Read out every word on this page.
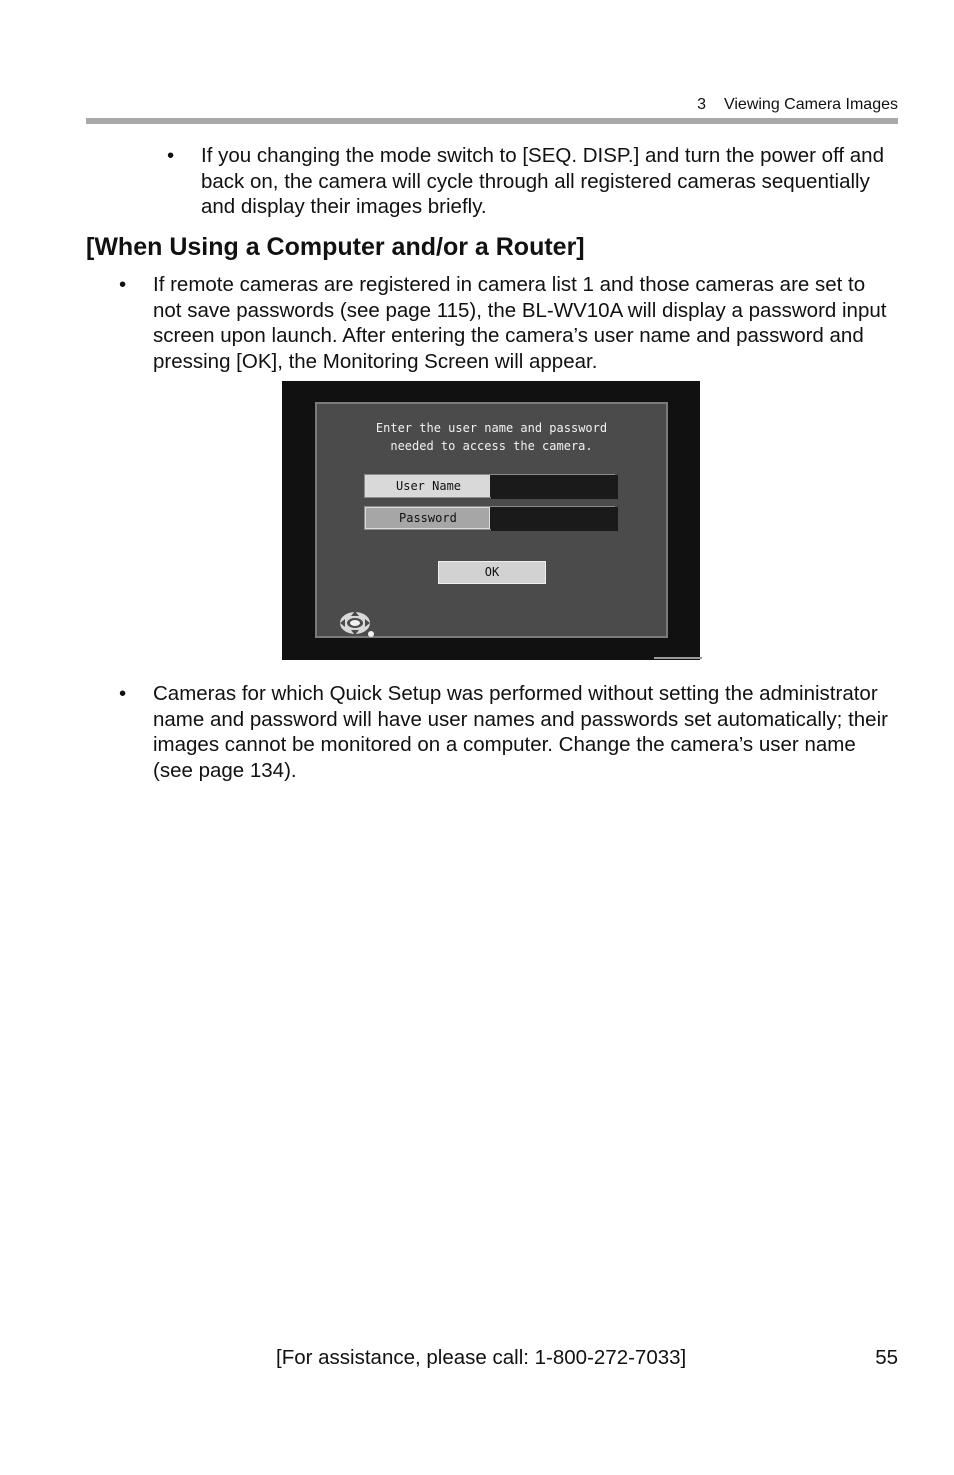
3 Viewing Camera Images
• If you changing the mode switch to [SEQ. DISP.] and turn the power off and back on, the camera will cycle through all registered cameras sequentially and display their images briefly.
[When Using a Computer and/or a Router]
• If remote cameras are registered in camera list 1 and those cameras are set to not save passwords (see page 115), the BL-WV10A will display a password input screen upon launch. After entering the camera’s user name and password and pressing [OK], the Monitoring Screen will appear.
Enter the user name and password
needed to access the camera.
User Name
Password
OK
• Cameras for which Quick Setup was performed without setting the administrator name and password will have user names and passwords set automatically; their images cannot be monitored on a computer. Change the camera’s user name (see page 134).
[For assistance, please call: 1-800-272-7033]	55
